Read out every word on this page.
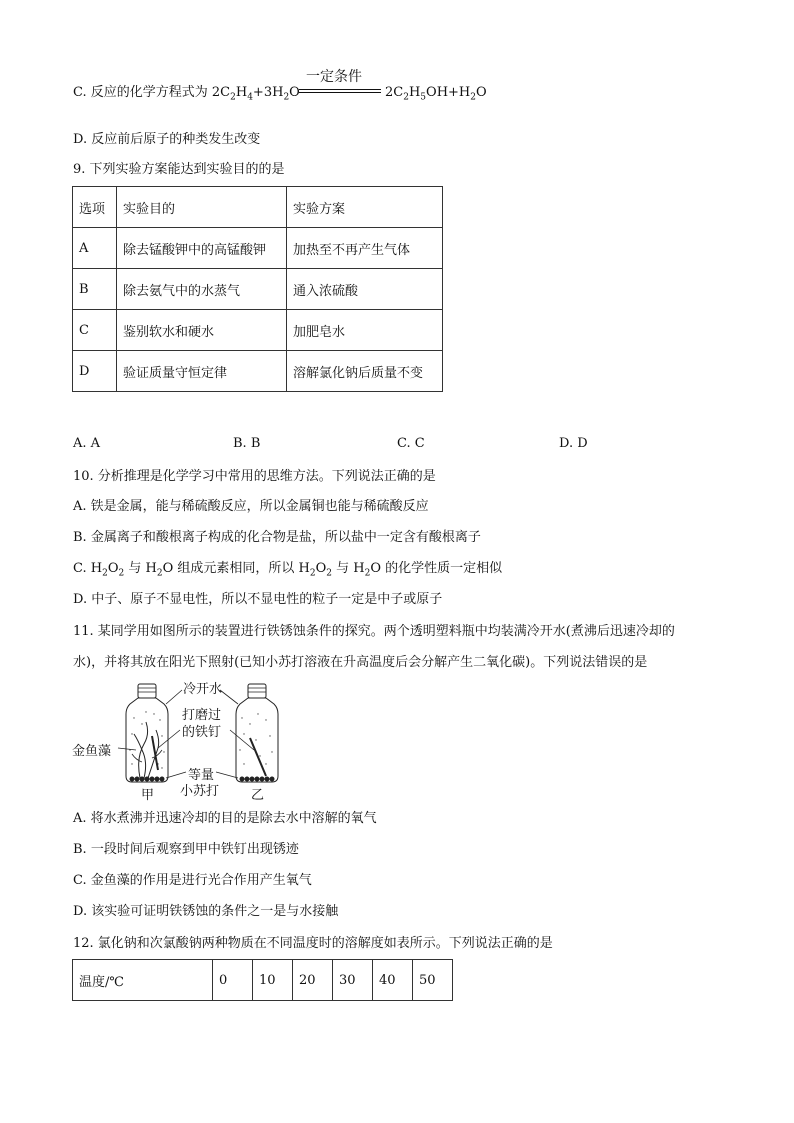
C. 反应的化学方程式为 $2C_2H_4+3H_2O$
一定条件
$2C_2H_5OH+H_2O$
D. 反应前后原子的种类发生改变
9. 下列实验方案能达到实验目的的是
选项	实验目的	实验方案
A	除去锰酸钾中的高锰酸钾	加热至不再产生气体
B	除去氨气中的水蒸气	通入浓硫酸
C	鉴别软水和硬水	加肥皂水
D	验证质量守恒定律	溶解氯化钠后质量不变
A. A	B. B	C. C	D. D
10. 分析推理是化学学习中常用的思维方法。下列说法正确的是
A. 铁是金属，能与稀硫酸反应，所以金属铜也能与稀硫酸反应
B. 金属离子和酸根离子构成的化合物是盐，所以盐中一定含有酸根离子
C. $H_2O_2$ 与 $H_2O$ 组成元素相同，所以 $H_2O_2$ 与 $H_2O$ 的化学性质一定相似
D. 中子、原子不显电性，所以不显电性的粒子一定是中子或原子
11. 某同学用如图所示的装置进行铁锈蚀条件的探究。两个透明塑料瓶中均装满冷开水(煮沸后迅速冷却的
水)，并将其放在阳光下照射(已知小苏打溶液在升高温度后会分解产生二氧化碳)。下列说法错误的是
冷开水
打磨过
的铁钉
金鱼藻
等量
小苏打
甲	乙
A. 将水煮沸并迅速冷却的目的是除去水中溶解的氧气
B. 一段时间后观察到甲中铁钉出现锈迹
C. 金鱼藻的作用是进行光合作用产生氧气
D. 该实验可证明铁锈蚀的条件之一是与水接触
12. 氯化钠和次氯酸钠两种物质在不同温度时的溶解度如表所示。下列说法正确的是
温度/℃	0	10	20	30	40	50
